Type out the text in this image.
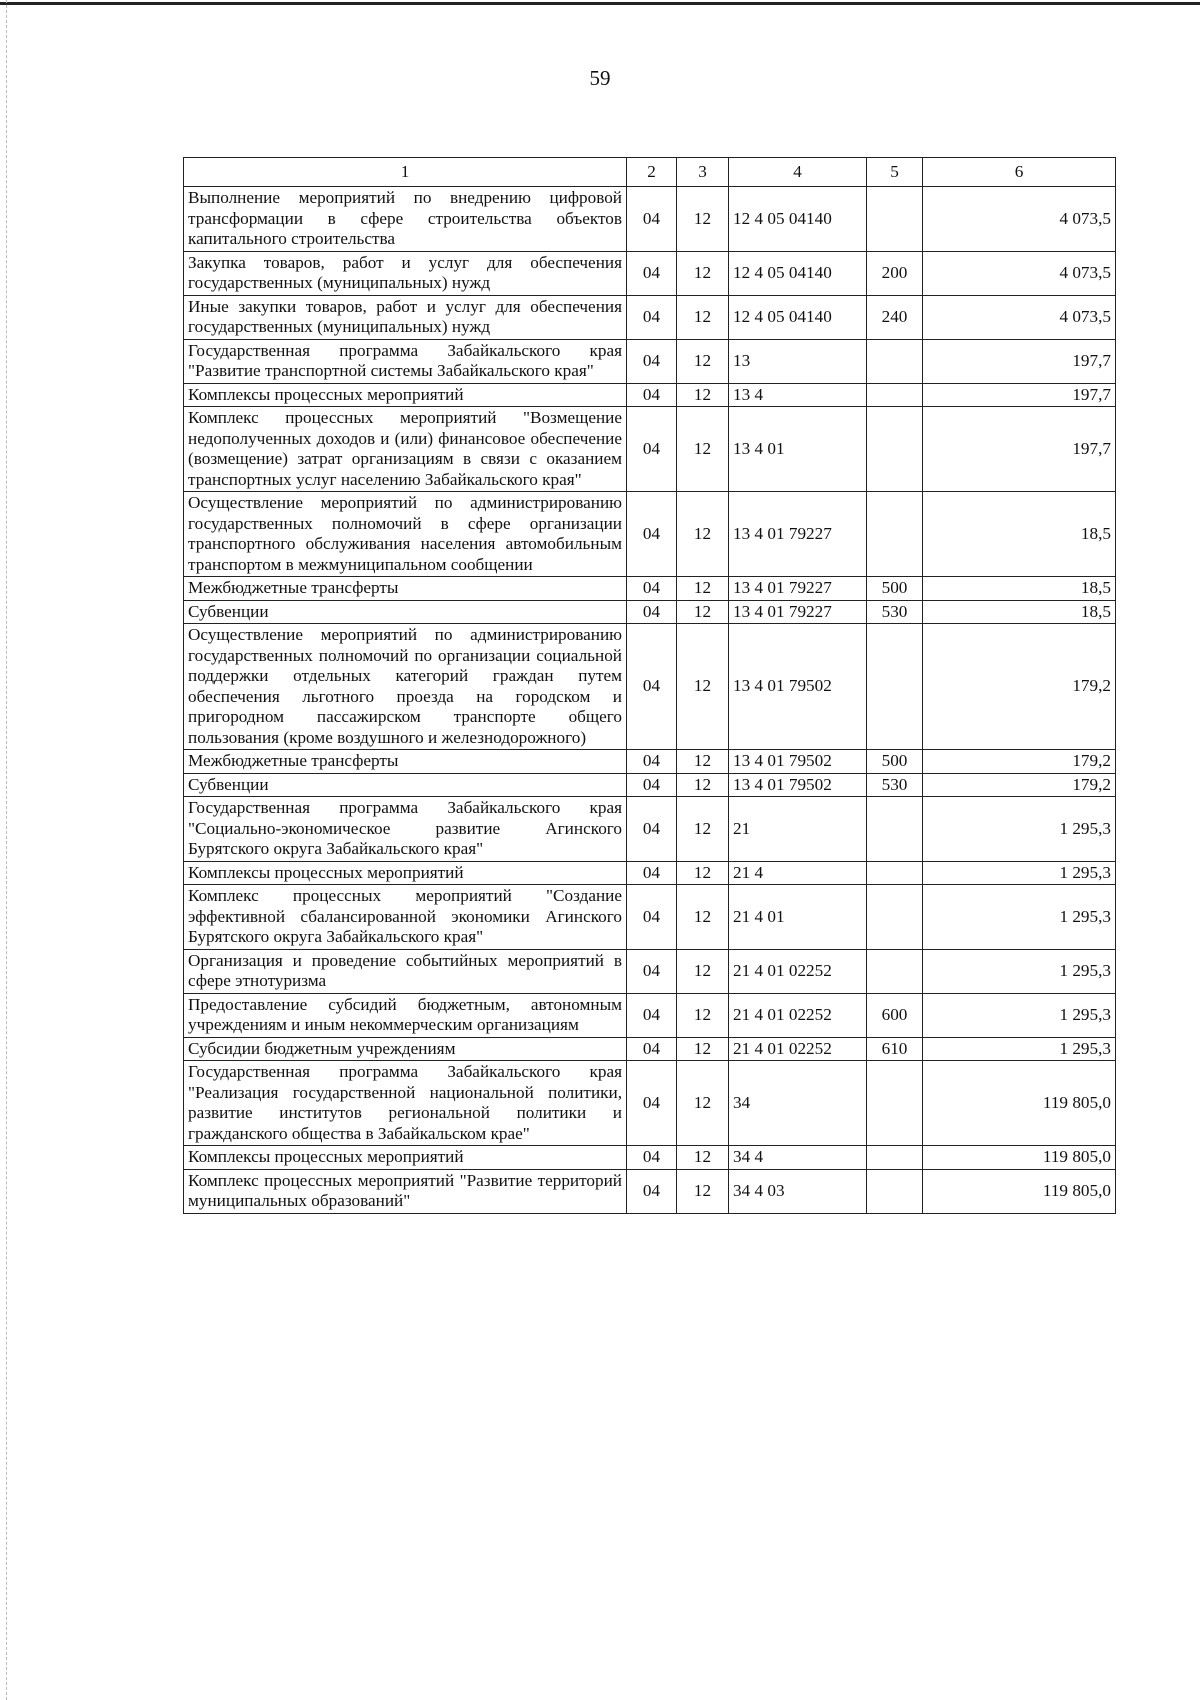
59
1	2	3	4	5	6
Выполнение мероприятий по внедрению цифровой трансформации в сфере строительства объектов капитального строительства	04	12	12 4 05 04140		4 073,5
Закупка товаров, работ и услуг для обеспечения государственных (муниципальных) нужд	04	12	12 4 05 04140	200	4 073,5
Иные закупки товаров, работ и услуг для обеспечения государственных (муниципальных) нужд	04	12	12 4 05 04140	240	4 073,5
Государственная программа Забайкальского края "Развитие транспортной системы Забайкальского края"	04	12	13		197,7
Комплексы процессных мероприятий	04	12	13 4		197,7
Комплекс процессных мероприятий "Возмещение недополученных доходов и (или) финансовое обеспечение (возмещение) затрат организациям в связи с оказанием транспортных услуг населению Забайкальского края"	04	12	13 4 01		197,7
Осуществление мероприятий по администрированию государственных полномочий в сфере организации транспортного обслуживания населения автомобильным транспортом в межмуниципальном сообщении	04	12	13 4 01 79227		18,5
Межбюджетные трансферты	04	12	13 4 01 79227	500	18,5
Субвенции	04	12	13 4 01 79227	530	18,5
Осуществление мероприятий по администрированию государственных полномочий по организации социальной поддержки отдельных категорий граждан путем обеспечения льготного проезда на городском и пригородном пассажирском транспорте общего пользования (кроме воздушного и железнодорожного)	04	12	13 4 01 79502		179,2
Межбюджетные трансферты	04	12	13 4 01 79502	500	179,2
Субвенции	04	12	13 4 01 79502	530	179,2
Государственная программа Забайкальского края "Социально-экономическое развитие Агинского Бурятского округа Забайкальского края"	04	12	21		1 295,3
Комплексы процессных мероприятий	04	12	21 4		1 295,3
Комплекс процессных мероприятий "Создание эффективной сбалансированной экономики Агинского Бурятского округа Забайкальского края"	04	12	21 4 01		1 295,3
Организация и проведение событийных мероприятий в сфере этнотуризма	04	12	21 4 01 02252		1 295,3
Предоставление субсидий бюджетным, автономным учреждениям и иным некоммерческим организациям	04	12	21 4 01 02252	600	1 295,3
Субсидии бюджетным учреждениям	04	12	21 4 01 02252	610	1 295,3
Государственная программа Забайкальского края "Реализация государственной национальной политики, развитие институтов региональной политики и гражданского общества в Забайкальском крае"	04	12	34		119 805,0
Комплексы процессных мероприятий	04	12	34 4		119 805,0
Комплекс процессных мероприятий "Развитие территорий муниципальных образований"	04	12	34 4 03		119 805,0
